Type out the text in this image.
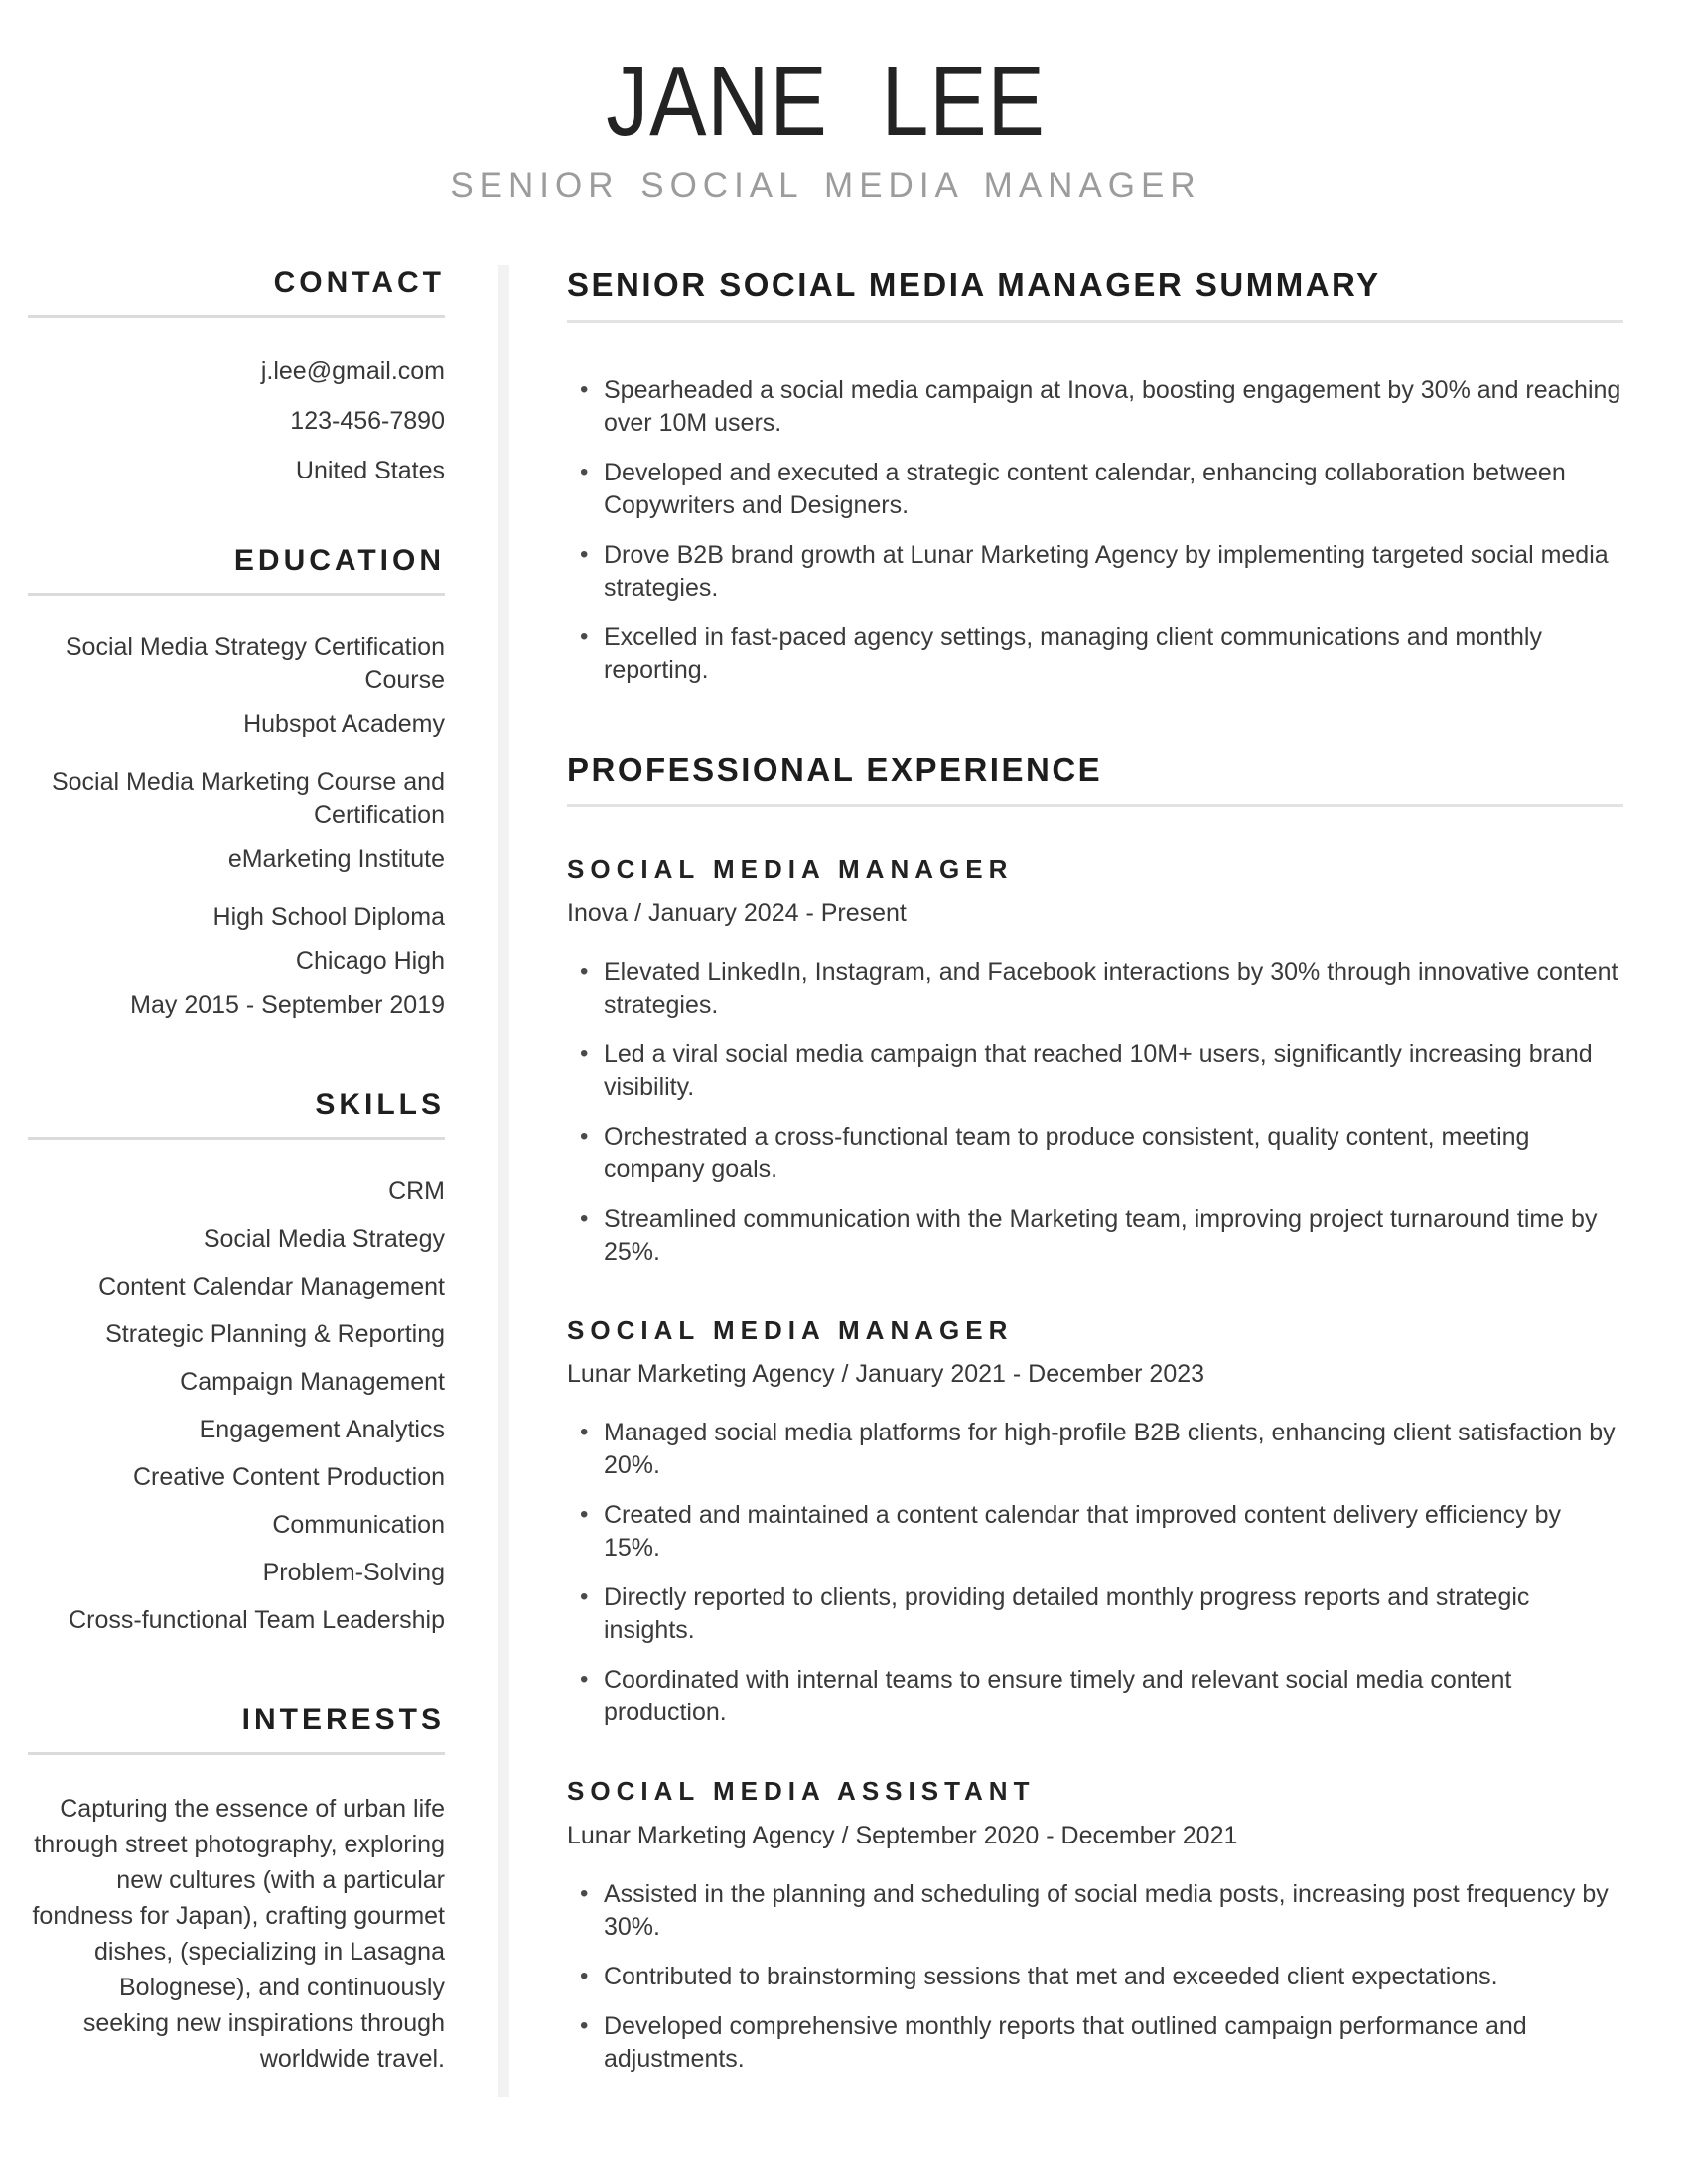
JANE LEE
SENIOR SOCIAL MEDIA MANAGER
CONTACT
j.lee@gmail.com
123-456-7890
United States
EDUCATION

Social Media Strategy Certification Course

Hubspot Academy

Social Media Marketing Course and Certification

eMarketing Institute

High School Diploma

Chicago High

May 2015 - September 2019

SKILLS
CRM
Social Media Strategy
Content Calendar Management
Strategic Planning & Reporting
Campaign Management
Engagement Analytics
Creative Content Production
Communication
Problem-Solving
Cross-functional Team Leadership
INTERESTS

Capturing the essence of urban life through street photography, exploring new cultures (with a particular fondness for Japan), crafting gourmet dishes, (specializing in Lasagna Bolognese), and continuously seeking new inspirations through worldwide travel.

SENIOR SOCIAL MEDIA MANAGER SUMMARY
• Spearheaded a social media campaign at Inova, boosting engagement by 30% and reaching over 10M users.
• Developed and executed a strategic content calendar, enhancing collaboration between Copywriters and Designers.
• Drove B2B brand growth at Lunar Marketing Agency by implementing targeted social media strategies.
• Excelled in fast-paced agency settings, managing client communications and monthly reporting.
PROFESSIONAL EXPERIENCE
SOCIAL MEDIA MANAGER

Inova / January 2024 - Present

• Elevated LinkedIn, Instagram, and Facebook interactions by 30% through innovative content strategies.
• Led a viral social media campaign that reached 10M+ users, significantly increasing brand visibility.
• Orchestrated a cross-functional team to produce consistent, quality content, meeting company goals.
• Streamlined communication with the Marketing team, improving project turnaround time by 25%.
SOCIAL MEDIA MANAGER

Lunar Marketing Agency / January 2021 - December 2023

• Managed social media platforms for high-profile B2B clients, enhancing client satisfaction by 20%.
• Created and maintained a content calendar that improved content delivery efficiency by 15%.
• Directly reported to clients, providing detailed monthly progress reports and strategic insights.
• Coordinated with internal teams to ensure timely and relevant social media content production.
SOCIAL MEDIA ASSISTANT

Lunar Marketing Agency / September 2020 - December 2021

• Assisted in the planning and scheduling of social media posts, increasing post frequency by 30%.
• Contributed to brainstorming sessions that met and exceeded client expectations.
• Developed comprehensive monthly reports that outlined campaign performance and adjustments.
